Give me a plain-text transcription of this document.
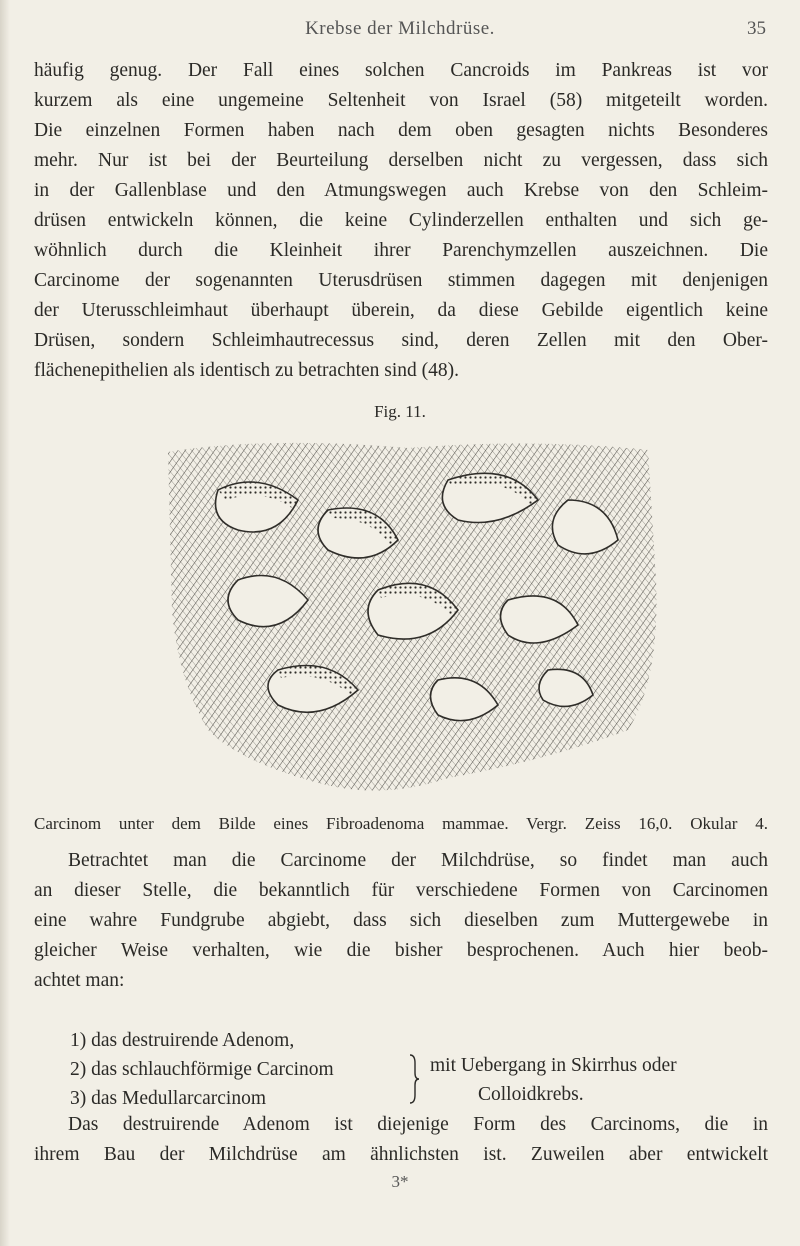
Krebse der Milchdrüse.	35
häufig genug. Der Fall eines solchen Cancroids im Pankreas ist vor
kurzem als eine ungemeine Seltenheit von Israel (58) mitgeteilt worden.
Die einzelnen Formen haben nach dem oben gesagten nichts Besonderes
mehr. Nur ist bei der Beurteilung derselben nicht zu vergessen, dass sich
in der Gallenblase und den Atmungswegen auch Krebse von den Schleim-
drüsen entwickeln können, die keine Cylinderzellen enthalten und sich ge-
wöhnlich durch die Kleinheit ihrer Parenchymzellen auszeichnen. Die
Carcinome der sogenannten Uterusdrüsen stimmen dagegen mit denjenigen
der Uterusschleimhaut überhaupt überein, da diese Gebilde eigentlich keine
Drüsen, sondern Schleimhautrecessus sind, deren Zellen mit den Ober-
flächenepithelien als identisch zu betrachten sind (48).
Fig. 11.
Carcinom unter dem Bilde eines Fibroadenoma mammae. Vergr. Zeiss 16,0. Okular 4.
Betrachtet man die Carcinome der Milchdrüse, so findet man auch
an dieser Stelle, die bekanntlich für verschiedene Formen von Carcinomen
eine wahre Fundgrube abgiebt, dass sich dieselben zum Muttergewebe in
gleicher Weise verhalten, wie die bisher besprochenen. Auch hier beob-
achtet man:
1) das destruirende Adenom,
2) das schlauchförmige Carcinom
3) das Medullarcarcinom
mit Uebergang in Skirrhus oder
Colloidkrebs.
Das destruirende Adenom ist diejenige Form des Carcinoms, die in
ihrem Bau der Milchdrüse am ähnlichsten ist. Zuweilen aber entwickelt
3*
